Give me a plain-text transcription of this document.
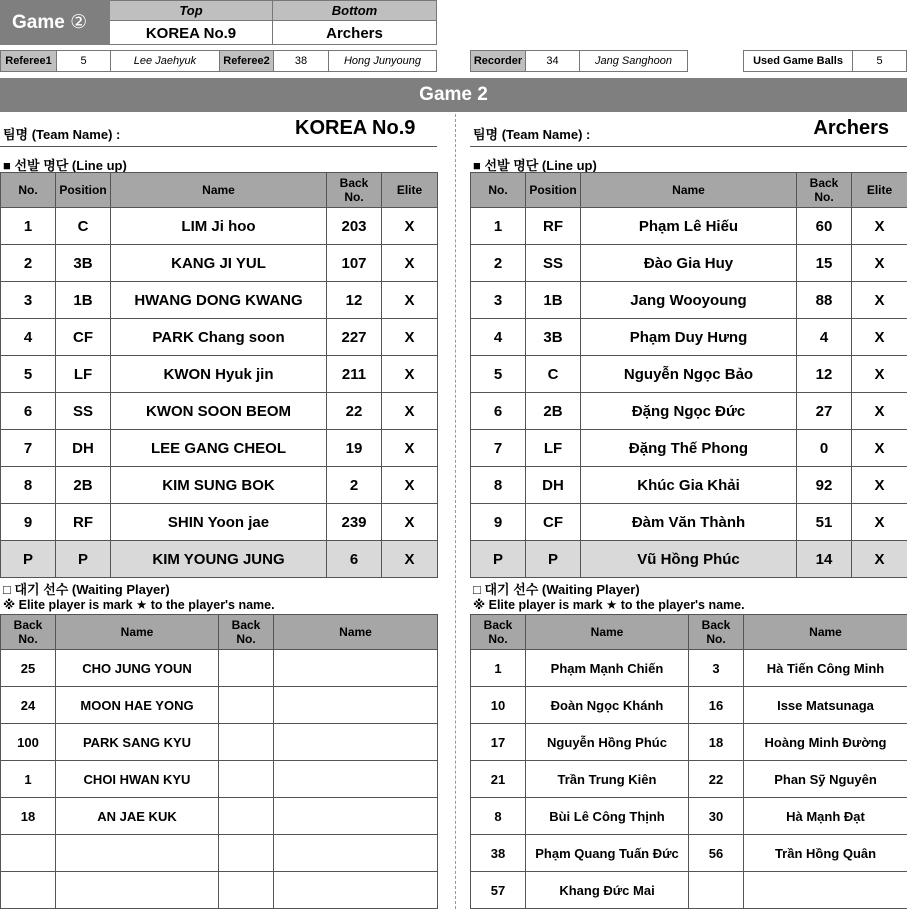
Game
②
Top	Bottom
KOREA No.9	Archers
Referee1	5	Lee Jaehyuk	Referee2	38	Hong Junyoung	Recorder	34	Jang Sanghoon	Used Game Balls	5
Game 2
팀명 (Team Name) :	KOREA No.9
■ 선발 명단 (Line up)
No.	Position	Name	Back
No.	Elite
1	C	LIM Ji hoo	203	X
2	3B	KANG JI YUL	107	X
3	1B	HWANG DONG KWANG	12	X
4	CF	PARK Chang soon	227	X
5	LF	KWON Hyuk jin	211	X
6	SS	KWON SOON BEOM	22	X
7	DH	LEE GANG CHEOL	19	X
8	2B	KIM SUNG BOK	2	X
9	RF	SHIN Yoon jae	239	X
P	P	KIM YOUNG JUNG	6	X
□ 대기 선수 (Waiting Player)
※ Elite player is mark ★ to the player's name.
Back
No.	Name	Back
No.	Name
25	CHO JUNG YOUN		
24	MOON HAE YONG		
100	PARK SANG KYU		
1	CHOI HWAN KYU		
18	AN JAE KUK		

팀명 (Team Name) :	Archers
■ 선발 명단 (Line up)
No.	Position	Name	Back
No.	Elite
1	RF	Phạm Lê Hiếu	60	X
2	SS	Đào Gia Huy	15	X
3	1B	Jang Wooyoung	88	X
4	3B	Phạm Duy Hưng	4	X
5	C	Nguyễn Ngọc Bảo	12	X
6	2B	Đặng Ngọc Đức	27	X
7	LF	Đặng Thế Phong	0	X
8	DH	Khúc Gia Khải	92	X
9	CF	Đàm Văn Thành	51	X
P	P	Vũ Hồng Phúc	14	X
□ 대기 선수 (Waiting Player)
※ Elite player is mark ★ to the player's name.
Back
No.	Name	Back
No.	Name
1	Phạm Mạnh Chiến	3	Hà Tiến Công Minh
10	Đoàn Ngọc Khánh	16	Isse Matsunaga
17	Nguyễn Hồng Phúc	18	Hoàng Minh Đường
21	Trần Trung Kiên	22	Phan Sỹ Nguyên
8	Bùi Lê Công Thịnh	30	Hà Mạnh Đạt
38	Phạm Quang Tuấn Đức	56	Trần Hồng Quân
57	Khang Đức Mai		
